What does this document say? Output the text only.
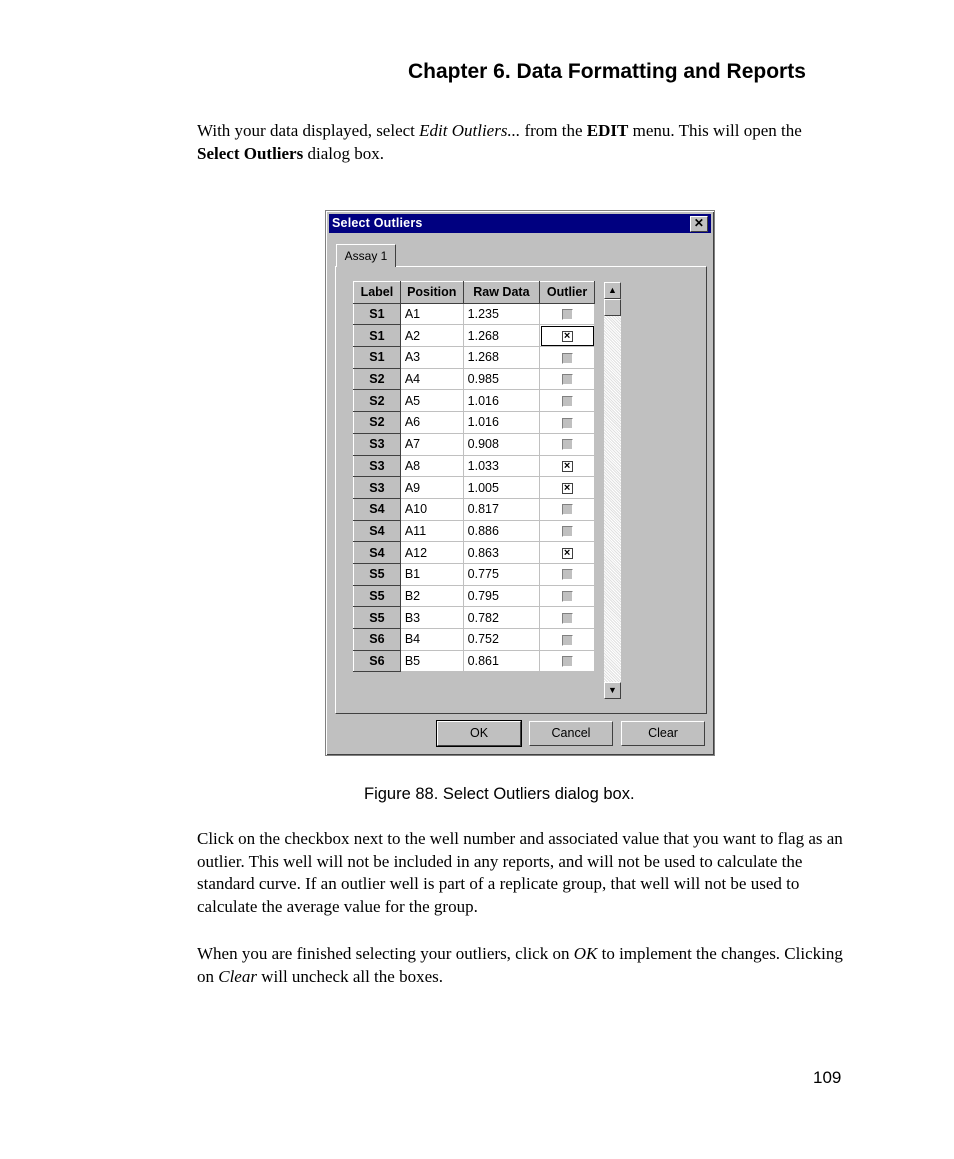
Chapter 6. Data Formatting and Reports
With your data displayed, select Edit Outliers... from the EDIT menu. This will open the Select Outliers dialog box.
Select Outliers	✕
Assay 1
Label	Position	Raw Data	Outlier
S1	A1	1.235	
S1	A2	1.268	×
S1	A3	1.268	
S2	A4	0.985	
S2	A5	1.016	
S2	A6	1.016	
S3	A7	0.908	
S3	A8	1.033	×
S3	A9	1.005	×
S4	A10	0.817	
S4	A11	0.886	
S4	A12	0.863	×
S5	B1	0.775	
S5	B2	0.795	
S5	B3	0.782	
S6	B4	0.752	
S6	B5	0.861	
▲
▼
OK	Cancel	Clear
Figure 88. Select Outliers dialog box.
Click on the checkbox next to the well number and associated value that you want to flag as an outlier. This well will not be included in any reports, and will not be used to calculate the standard curve. If an outlier well is part of a replicate group, that well will not be used to calculate the average value for the group.
When you are finished selecting your outliers, click on OK to implement the changes. Clicking on Clear will uncheck all the boxes.
109
